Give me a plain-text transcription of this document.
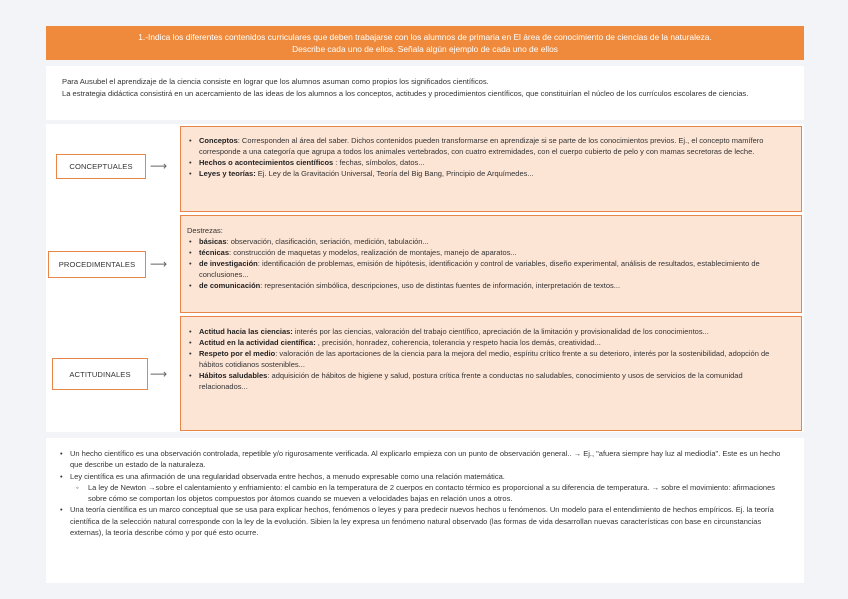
1.-Indica los diferentes contenidos curriculares que deben trabajarse con los alumnos de primaria en El área de conocimiento de ciencias de la naturaleza.
Describe cada uno de ellos. Señala algún ejemplo de cada uno de ellos

Para Ausubel el aprendizaje de la ciencia consiste en lograr que los alumnos asuman como propios los significados científicos.

La estrategia didáctica consistirá en un acercamiento de las ideas de los alumnos a los conceptos, actitudes y procedimientos científicos, que constituirían el núcleo de los currículos escolares de ciencias.

CONCEPTUALES	⟶
• Conceptos: Corresponden al área del saber. Dichos contenidos pueden transformarse en aprendizaje si se parte de los conocimientos previos. Ej., el concepto mamífero corresponde a una categoría que agrupa a todos los animales vertebrados, con cuatro extremidades, con el cuerpo cubierto de pelo y con mamas secretoras de leche.
• Hechos o acontecimientos científicos : fechas, símbolos, datos...
• Leyes y teorías: Ej. Ley de la Gravitación Universal, Teoría del Big Bang, Principio de Arquímedes...
PROCEDIMENTALES	⟶
Destrezas:
• básicas: observación, clasificación, seriación, medición, tabulación...
• técnicas: construcción de maquetas y modelos, realización de montajes, manejo de aparatos...
• de investigación: identificación de problemas, emisión de hipótesis, identificación y control de variables, diseño experimental, análisis de resultados, establecimiento de conclusiones...
• de comunicación: representación simbólica, descripciones, uso de distintas fuentes de información, interpretación de textos...
ACTITUDINALES	⟶
• Actitud hacia las ciencias: interés por las ciencias, valoración del trabajo científico, apreciación de la limitación y provisionalidad de los conocimientos...
• Actitud en la actividad científica: , precisión, honradez, coherencia, tolerancia y respeto hacia los demás, creatividad...
• Respeto por el medio: valoración de las aportaciones de la ciencia para la mejora del medio, espíritu crítico frente a su deterioro, interés por la sostenibilidad, adopción de hábitos cotidianos sostenibles...
• Hábitos saludables: adquisición de hábitos de higiene y salud, postura crítica frente a conductas no saludables, conocimiento y usos de servicios de la comunidad relacionados...
• Un hecho científico es una observación controlada, repetible y/o rigurosamente verificada. Al explicarlo empieza con un punto de observación general.. → Ej., "afuera siempre hay luz al mediodía". Este es un hecho que describe un estado de la naturaleza.
• Ley científica es una afirmación de una regularidad observada entre hechos, a menudo expresable como una relación matemática.
◦ La ley de Newton →sobre el calentamiento y enfriamiento: el cambio en la temperatura de 2 cuerpos en contacto térmico es proporcional a su diferencia de temperatura. → sobre el movimiento: afirmaciones sobre cómo se comportan los objetos compuestos por átomos cuando se mueven a velocidades bajas en relación unos a otros.
• Una teoría científica es un marco conceptual que se usa para explicar hechos, fenómenos o leyes y para predecir nuevos hechos u fenómenos. Un modelo para el entendimiento de hechos empíricos. Ej. la teoría científica de la selección natural corresponde con la ley de la evolución. Sibien la ley expresa un fenómeno natural observado (las formas de vida desarrollan nuevas características con base en circunstancias externas), la teoría describe cómo y por qué esto ocurre.
